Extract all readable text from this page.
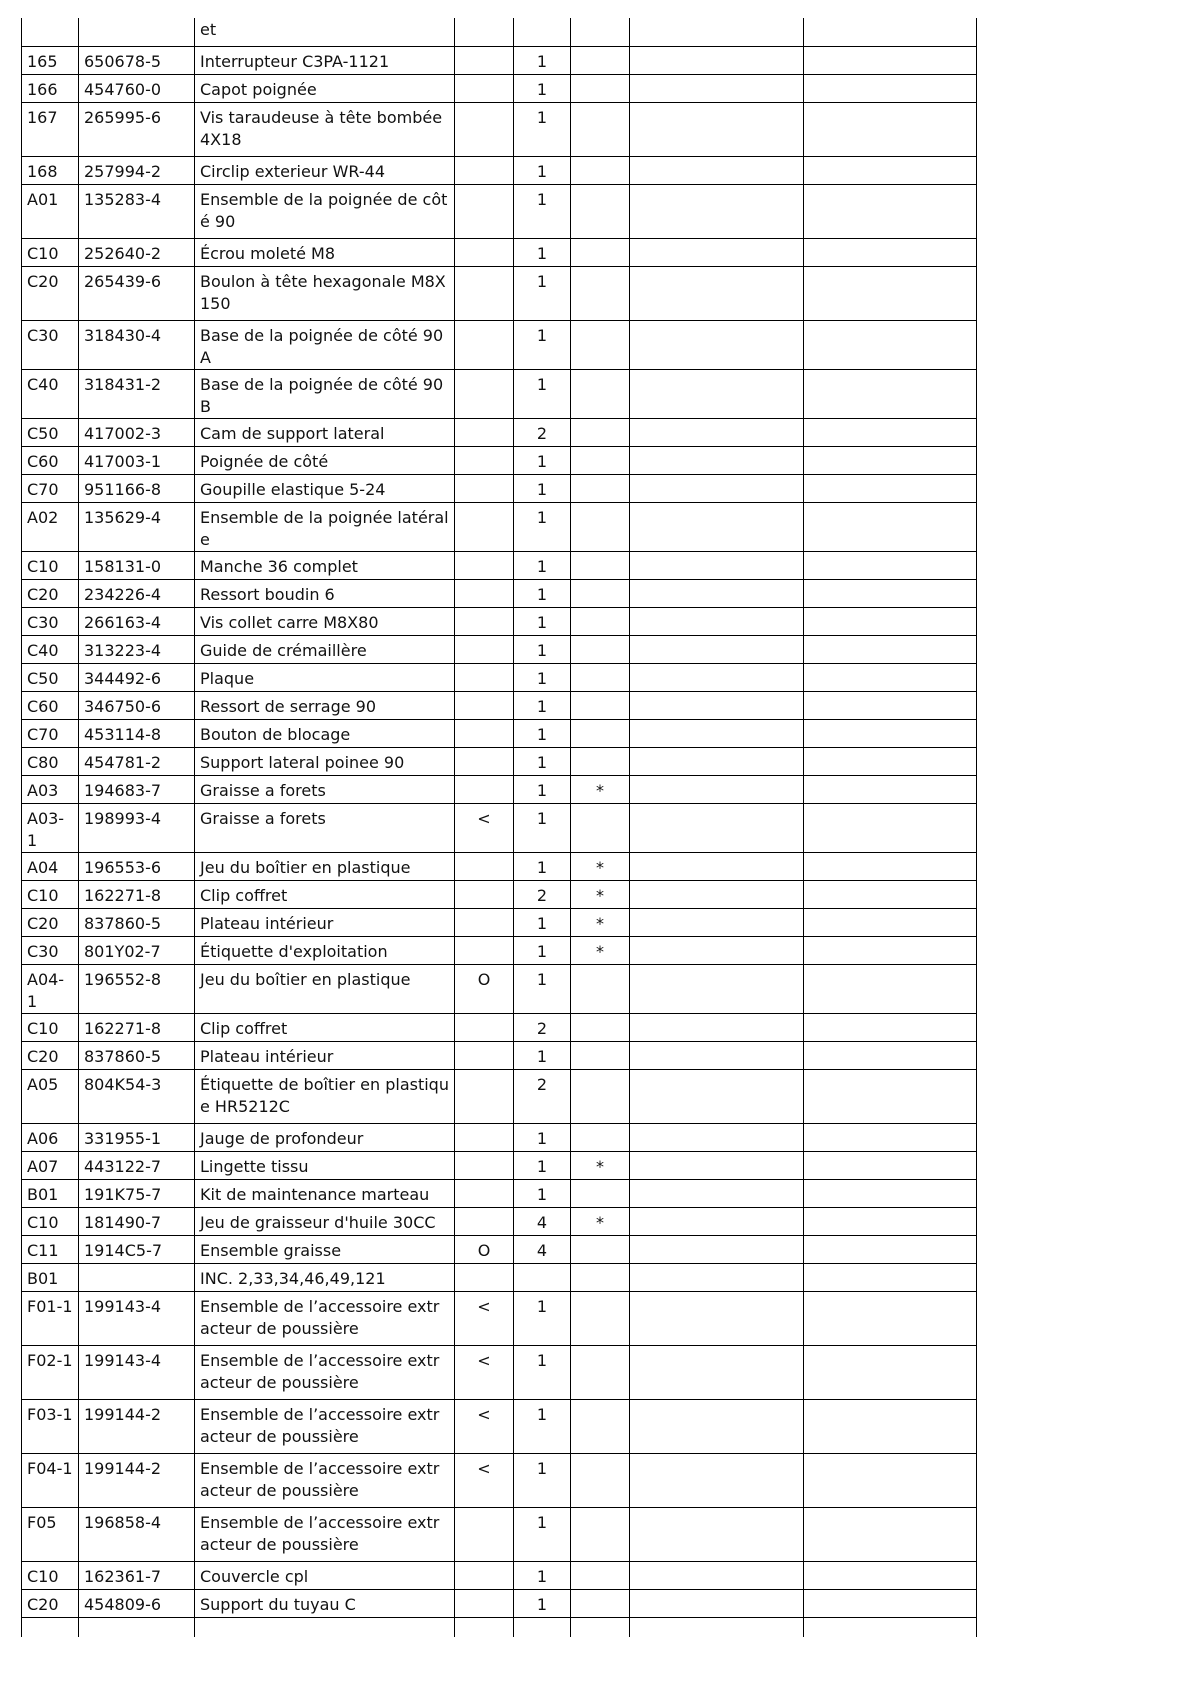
		et					
165	650678-5	Interrupteur C3PA-1121		1			
166	454760-0	Capot poignée		1			
167	265995-6	Vis taraudeuse à tête bombée 4X18		1			
168	257994-2	Circlip exterieur WR-44		1			
A01	135283-4	Ensemble de la poignée de côté 90		1			
C10	252640-2	Écrou moleté M8		1			
C20	265439-6	Boulon à tête hexagonale M8X150		1			
C30	318430-4	Base de la poignée de côté 90A		1			
C40	318431-2	Base de la poignée de côté 90B		1			
C50	417002-3	Cam de support lateral		2			
C60	417003-1	Poignée de côté		1			
C70	951166-8	Goupille elastique 5-24		1			
A02	135629-4	Ensemble de la poignée latérale		1			
C10	158131-0	Manche 36 complet		1			
C20	234226-4	Ressort boudin 6		1			
C30	266163-4	Vis collet carre M8X80		1			
C40	313223-4	Guide de crémaillère		1			
C50	344492-6	Plaque		1			
C60	346750-6	Ressort de serrage 90		1			
C70	453114-8	Bouton de blocage		1			
C80	454781-2	Support lateral poinee 90		1			
A03	194683-7	Graisse a forets		1	*		
A03-1	198993-4	Graisse a forets	<	1			
A04	196553-6	Jeu du boîtier en plastique		1	*		
C10	162271-8	Clip coffret		2	*		
C20	837860-5	Plateau intérieur		1	*		
C30	801Y02-7	Étiquette d'exploitation		1	*		
A04-1	196552-8	Jeu du boîtier en plastique	O	1			
C10	162271-8	Clip coffret		2			
C20	837860-5	Plateau intérieur		1			
A05	804K54-3	Étiquette de boîtier en plastique HR5212C		2			
A06	331955-1	Jauge de profondeur		1			
A07	443122-7	Lingette tissu		1	*		
B01	191K75-7	Kit de maintenance marteau		1			
C10	181490-7	Jeu de graisseur d'huile 30CC		4	*		
C11	1914C5-7	Ensemble graisse	O	4			
B01		INC. 2,33,34,46,49,121					
F01-1	199143-4	Ensemble de l’accessoire extracteur de poussière	<	1			
F02-1	199143-4	Ensemble de l’accessoire extracteur de poussière	<	1			
F03-1	199144-2	Ensemble de l’accessoire extracteur de poussière	<	1			
F04-1	199144-2	Ensemble de l’accessoire extracteur de poussière	<	1			
F05	196858-4	Ensemble de l’accessoire extracteur de poussière		1			
C10	162361-7	Couvercle cpl		1			
C20	454809-6	Support du tuyau C		1			
